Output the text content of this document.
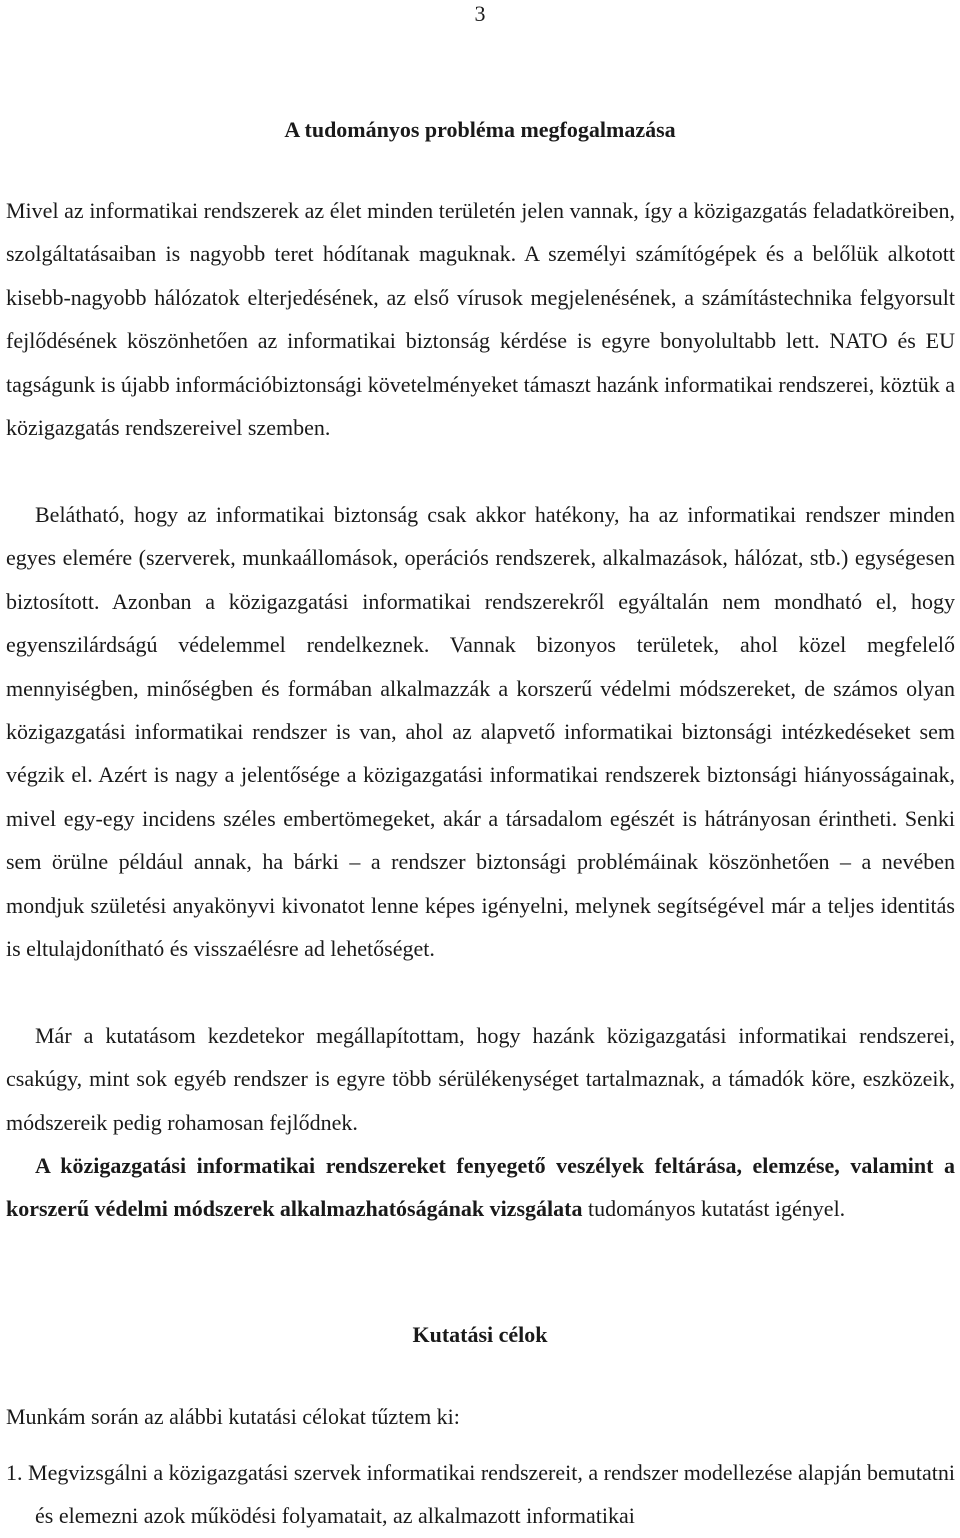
3
A tudományos probléma megfogalmazása

Mivel az informatikai rendszerek az élet minden területén jelen vannak, így a közigazgatás feladatköreiben, szolgáltatásaiban is nagyobb teret hódítanak maguknak. A személyi számítógépek és a belőlük alkotott kisebb-nagyobb hálózatok elterjedésének, az első vírusok megjelenésének, a számítástechnika felgyorsult fejlődésének köszönhetően az informatikai biztonság kérdése is egyre bonyolultabb lett. NATO és EU tagságunk is újabb információbiztonsági követelményeket támaszt hazánk informatikai rendszerei, köztük a közigazgatás rendszereivel szemben.

Belátható, hogy az informatikai biztonság csak akkor hatékony, ha az informatikai rendszer minden egyes elemére (szerverek, munkaállomások, operációs rendszerek, alkalmazások, hálózat, stb.) egységesen biztosított. Azonban a közigazgatási informatikai rendszerekről egyáltalán nem mondható el, hogy egyenszilárdságú védelemmel rendelkeznek. Vannak bizonyos területek, ahol közel megfelelő mennyiségben, minőségben és formában alkalmazzák a korszerű védelmi módszereket, de számos olyan közigazgatási informatikai rendszer is van, ahol az alapvető informatikai biztonsági intézkedéseket sem végzik el. Azért is nagy a jelentősége a közigazgatási informatikai rendszerek biztonsági hiányosságainak, mivel egy-egy incidens széles embertömegeket, akár a társadalom egészét is hátrányosan érintheti. Senki sem örülne például annak, ha bárki – a rendszer biztonsági problémáinak köszönhetően – a nevében mondjuk születési anyakönyvi kivonatot lenne képes igényelni, melynek segítségével már a teljes identitás is eltulajdonítható és visszaélésre ad lehetőséget.

Már a kutatásom kezdetekor megállapítottam, hogy hazánk közigazgatási informatikai rendszerei, csakúgy, mint sok egyéb rendszer is egyre több sérülékenységet tartalmaznak, a támadók köre, eszközeik, módszereik pedig rohamosan fejlődnek.

A közigazgatási informatikai rendszereket fenyegető veszélyek feltárása, elemzése, valamint a korszerű védelmi módszerek alkalmazhatóságának vizsgálata tudományos kutatást igényel.

Kutatási célok

Munkám során az alábbi kutatási célokat tűztem ki:

1. Megvizsgálni a közigazgatási szervek informatikai rendszereit, a rendszer modellezése alapján bemutatni és elemezni azok működési folyamatait, az alkalmazott informatikai
